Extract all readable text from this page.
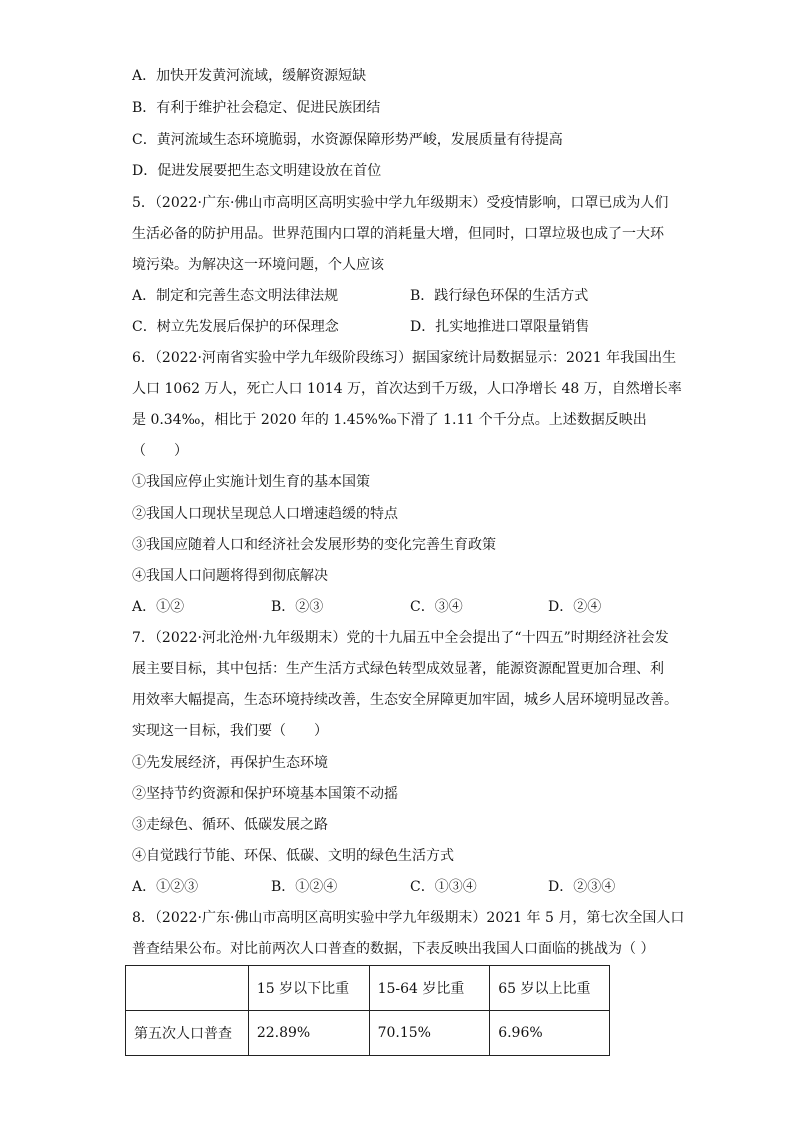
A．加快开发黄河流域，缓解资源短缺
B．有利于维护社会稳定、促进民族团结
C．黄河流域生态环境脆弱，水资源保障形势严峻，发展质量有待提高
D．促进发展要把生态文明建设放在首位
5．（2022·广东·佛山市高明区高明实验中学九年级期末）受疫情影响，口罩已成为人们
生活必备的防护用品。世界范围内口罩的消耗量大增，但同时，口罩垃圾也成了一大环
境污染。为解决这一环境问题，个人应该
A．制定和完善生态文明法律法规	B．践行绿色环保的生活方式
C．树立先发展后保护的环保理念	D．扎实地推进口罩限量销售
6．（2022·河南省实验中学九年级阶段练习）据国家统计局数据显示：2021 年我国出生
人口 1062 万人，死亡人口 1014 万，首次达到千万级，人口净增长 48 万，自然增长率
是 0.34‰，相比于 2020 年的 1.45%‰下滑了 1.11 个千分点。上述数据反映出
（　　）
①我国应停止实施计划生育的基本国策
②我国人口现状呈现总人口增速趋缓的特点
③我国应随着人口和经济社会发展形势的变化完善生育政策
④我国人口问题将得到彻底解决
A．①②	B．②③	C．③④	D．②④
7．（2022·河北沧州·九年级期末）党的十九届五中全会提出了“十四五”时期经济社会发
展主要目标，其中包括：生产生活方式绿色转型成效显著，能源资源配置更加合理、利
用效率大幅提高，生态环境持续改善，生态安全屏障更加牢固，城乡人居环境明显改善。
实现这一目标，我们要（　　）
①先发展经济，再保护生态环境
②坚持节约资源和保护环境基本国策不动摇
③走绿色、循环、低碳发展之路
④自觉践行节能、环保、低碳、文明的绿色生活方式
A．①②③	B．①②④	C．①③④	D．②③④
8．（2022·广东·佛山市高明区高明实验中学九年级期末）2021 年 5 月，第七次全国人口
普查结果公布。对比前两次人口普查的数据，下表反映出我国人口面临的挑战为（ ）
	15 岁以下比重	15-64 岁比重	65 岁以上比重
第五次人口普查	22.89%	70.15%	6.96%
